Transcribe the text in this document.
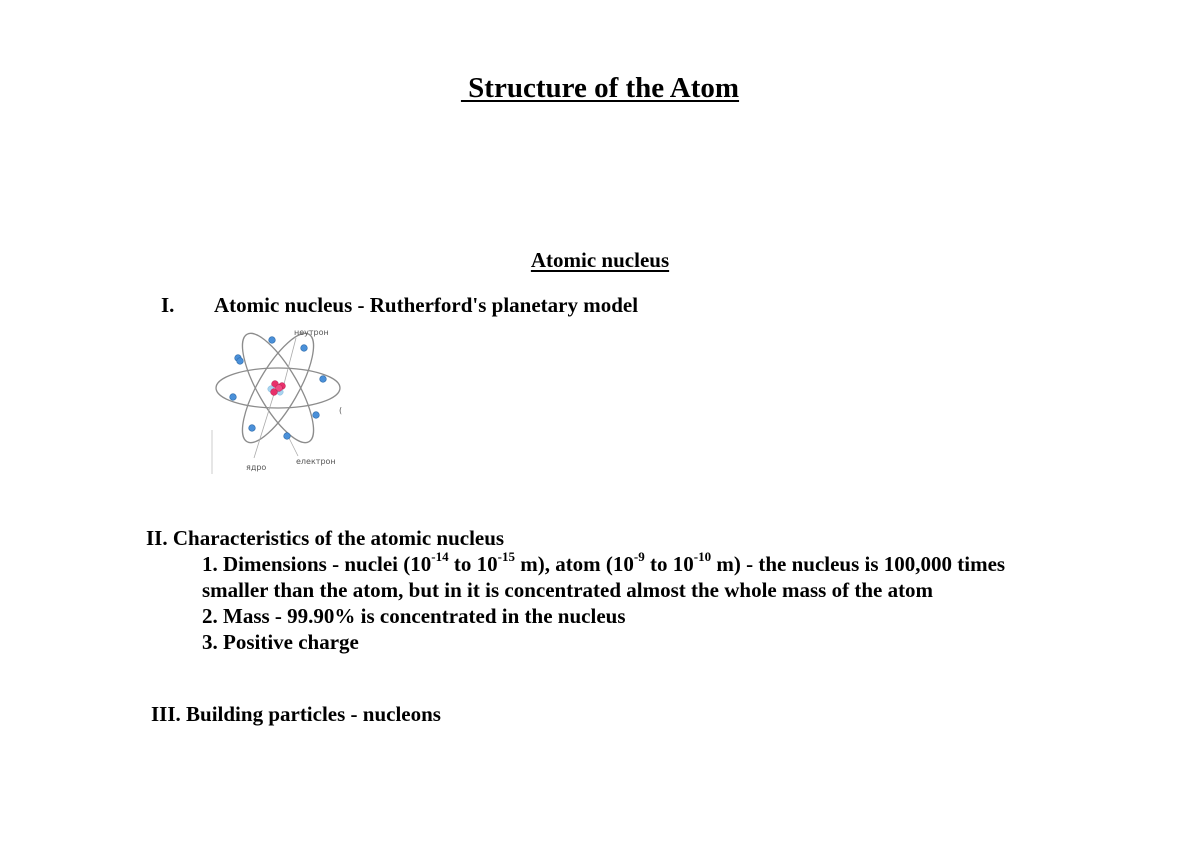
Structure of the Atom
Atomic nucleus
I. Atomic nucleus - Rutherford's planetary model
неутрон
ядро
електрон
(
II. Characteristics of the atomic nucleus

1. Dimensions - nuclei ($10^{-14}$ to $10^{-15}$ m), atom ($10^{-9}$ to $10^{-10}$ m) - the nucleus is 100,000 times

smaller than the atom, but in it is concentrated almost the whole mass of the atom

2. Mass - 99.90% is concentrated in the nucleus

3. Positive charge

III. Building particles - nucleons
